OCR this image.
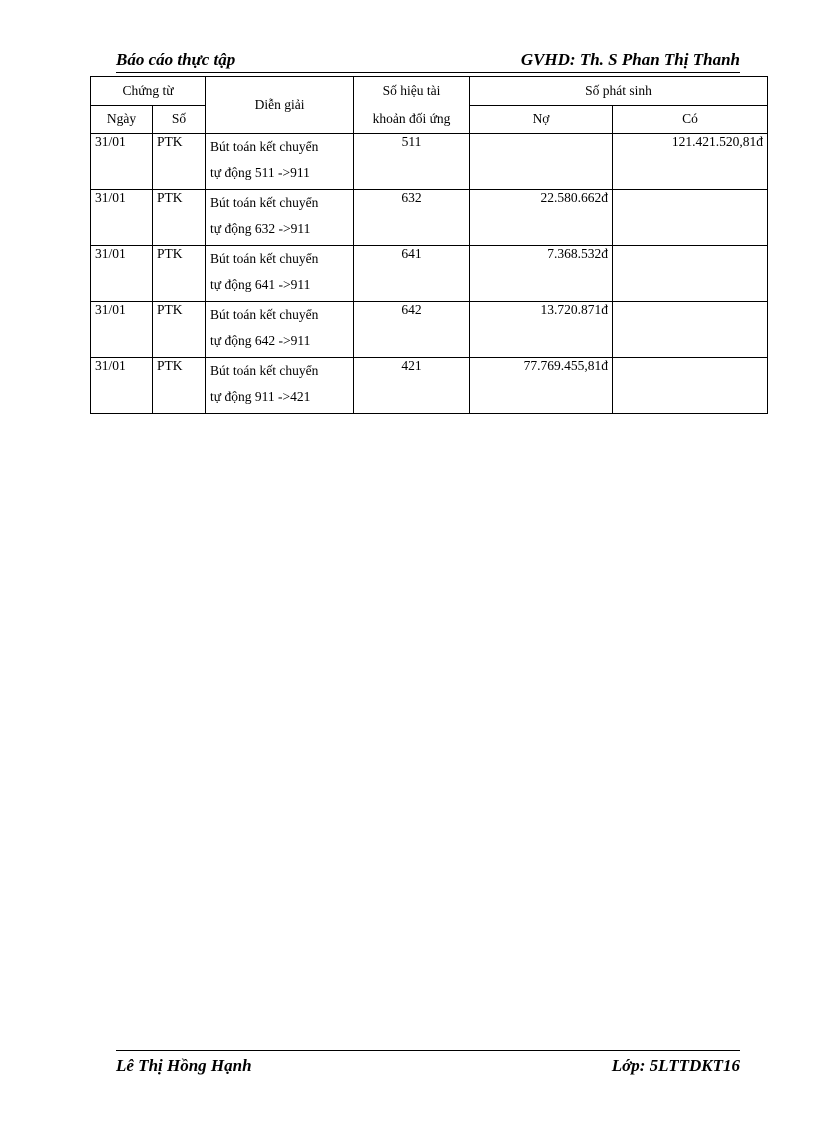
Báo cáo thực tập	GVHD: Th. S Phan Thị Thanh
Chứng từ		Diễn giải	Số hiệu tài
khoản đối ứng	Số phát sinh	
Ngày	Số			Nợ	Có
31/01	PTK	Bút toán kết chuyển
tự động 511 ->911	511		121.421.520,81đ
31/01	PTK	Bút toán kết chuyển
tự động 632 ->911	632	22.580.662đ	
31/01	PTK	Bút toán kết chuyển
tự động 641 ->911	641	7.368.532đ	
31/01	PTK	Bút toán kết chuyển
tự động 642 ->911	642	13.720.871đ	
31/01	PTK	Bút toán kết chuyển
tự động 911 ->421	421	77.769.455,81đ	
Lê Thị Hồng Hạnh	Lớp: 5LTTDKT16
